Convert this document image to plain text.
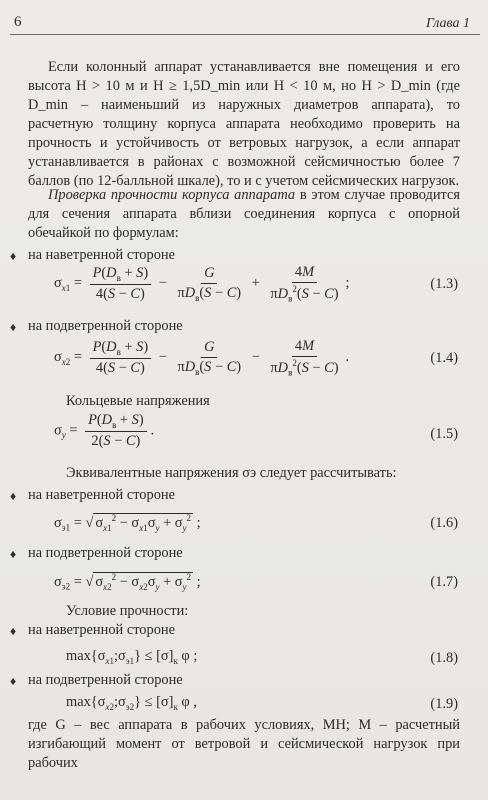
6	Глава 1
Если колонный аппарат устанавливается вне помещения и его высота H > 10 м и H ≥ 1,5D_min или H < 10 м, но H > D_min (где D_min – наименьший из наружных диаметров аппарата), то расчетную толщину корпуса аппарата необходимо проверить на прочность и устойчивость от ветровых нагрузок, а если аппарат устанавливается в районах с возможной сейсмичностью более 7 баллов (по 12-балльной шкале), то и с учетом сейсмических нагрузок.
Проверка прочности корпуса аппарата в этом случае проводится для сечения аппарата вблизи соединения корпуса с опорной обечайкой по формулам:
♦ на наветренной стороне
$\sigma_{x1} = \frac{P(D_в + S)}{4(S - C)} - \frac{G}{\pi D_в(S - C)} + \frac{4M}{\pi D_в^2(S - C)}$ ;	(1.3)
♦ на подветренной стороне
$\sigma_{x2} = \frac{P(D_в + S)}{4(S - C)} - \frac{G}{\pi D_в(S - C)} - \frac{4M}{\pi D_в^2(S - C)}$ .	(1.4)
Кольцевые напряжения
$\sigma_y = \frac{P(D_в + S)}{2(S - C)}$ .	(1.5)
Эквивалентные напряжения σэ следует рассчитывать:
♦ на наветренной стороне
$\sigma_{э1}$ = √ $\sigma_{x1}^2 - \sigma_{x1}\sigma_y + \sigma_y^2$ ;	(1.6)
♦ на подветренной стороне
$\sigma_{э2}$ = √ $\sigma_{x2}^2 - \sigma_{x2}\sigma_y + \sigma_y^2$ ;	(1.7)
Условие прочности:
♦ на наветренной стороне
$\max\{\sigma_{x1};\sigma_{э1}\} \le [\sigma]_к$ φ ;	(1.8)
♦ на подветренной стороне
$\max\{\sigma_{x2};\sigma_{э2}\} \le [\sigma]_к$ φ ,	(1.9)
где G – вес аппарата в рабочих условиях, МН; M – расчетный изгибающий момент от ветровой и сейсмической нагрузок при рабочих
